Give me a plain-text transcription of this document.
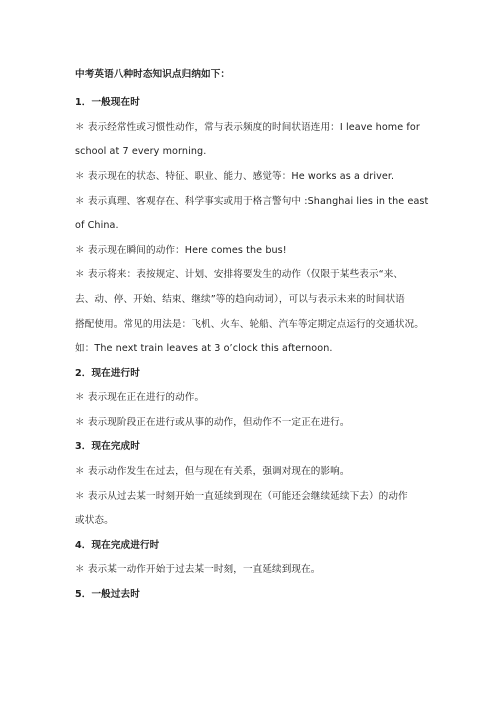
中考英语八种时态知识点归纳如下：
1．一般现在时
＊ 表示经常性或习惯性动作，常与表示频度的时间状语连用：I leave home for
school at 7 every morning.
＊ 表示现在的状态、特征、职业、能力、感觉等：He works as a driver.
＊ 表示真理、客观存在、科学事实或用于格言警句中 :Shanghai lies in the east
of China.
＊ 表示现在瞬间的动作：Here comes the bus!
＊ 表示将来：表按规定、计划、安排将要发生的动作（仅限于某些表示“来、
去、动、停、开始、结束、继续”等的趋向动词），可以与表示未来的时间状语
搭配使用。常见的用法是：飞机、火车、轮船、汽车等定期定点运行的交通状况。
如：The next train leaves at 3 o’clock this afternoon.
2．现在进行时
＊ 表示现在正在进行的动作。
＊ 表示现阶段正在进行或从事的动作，但动作不一定正在进行。
3．现在完成时
＊ 表示动作发生在过去，但与现在有关系，强调对现在的影响。
＊ 表示从过去某一时刻开始一直延续到现在（可能还会继续延续下去）的动作
或状态。
4．现在完成进行时
＊ 表示某一动作开始于过去某一时刻，一直延续到现在。
5．一般过去时
